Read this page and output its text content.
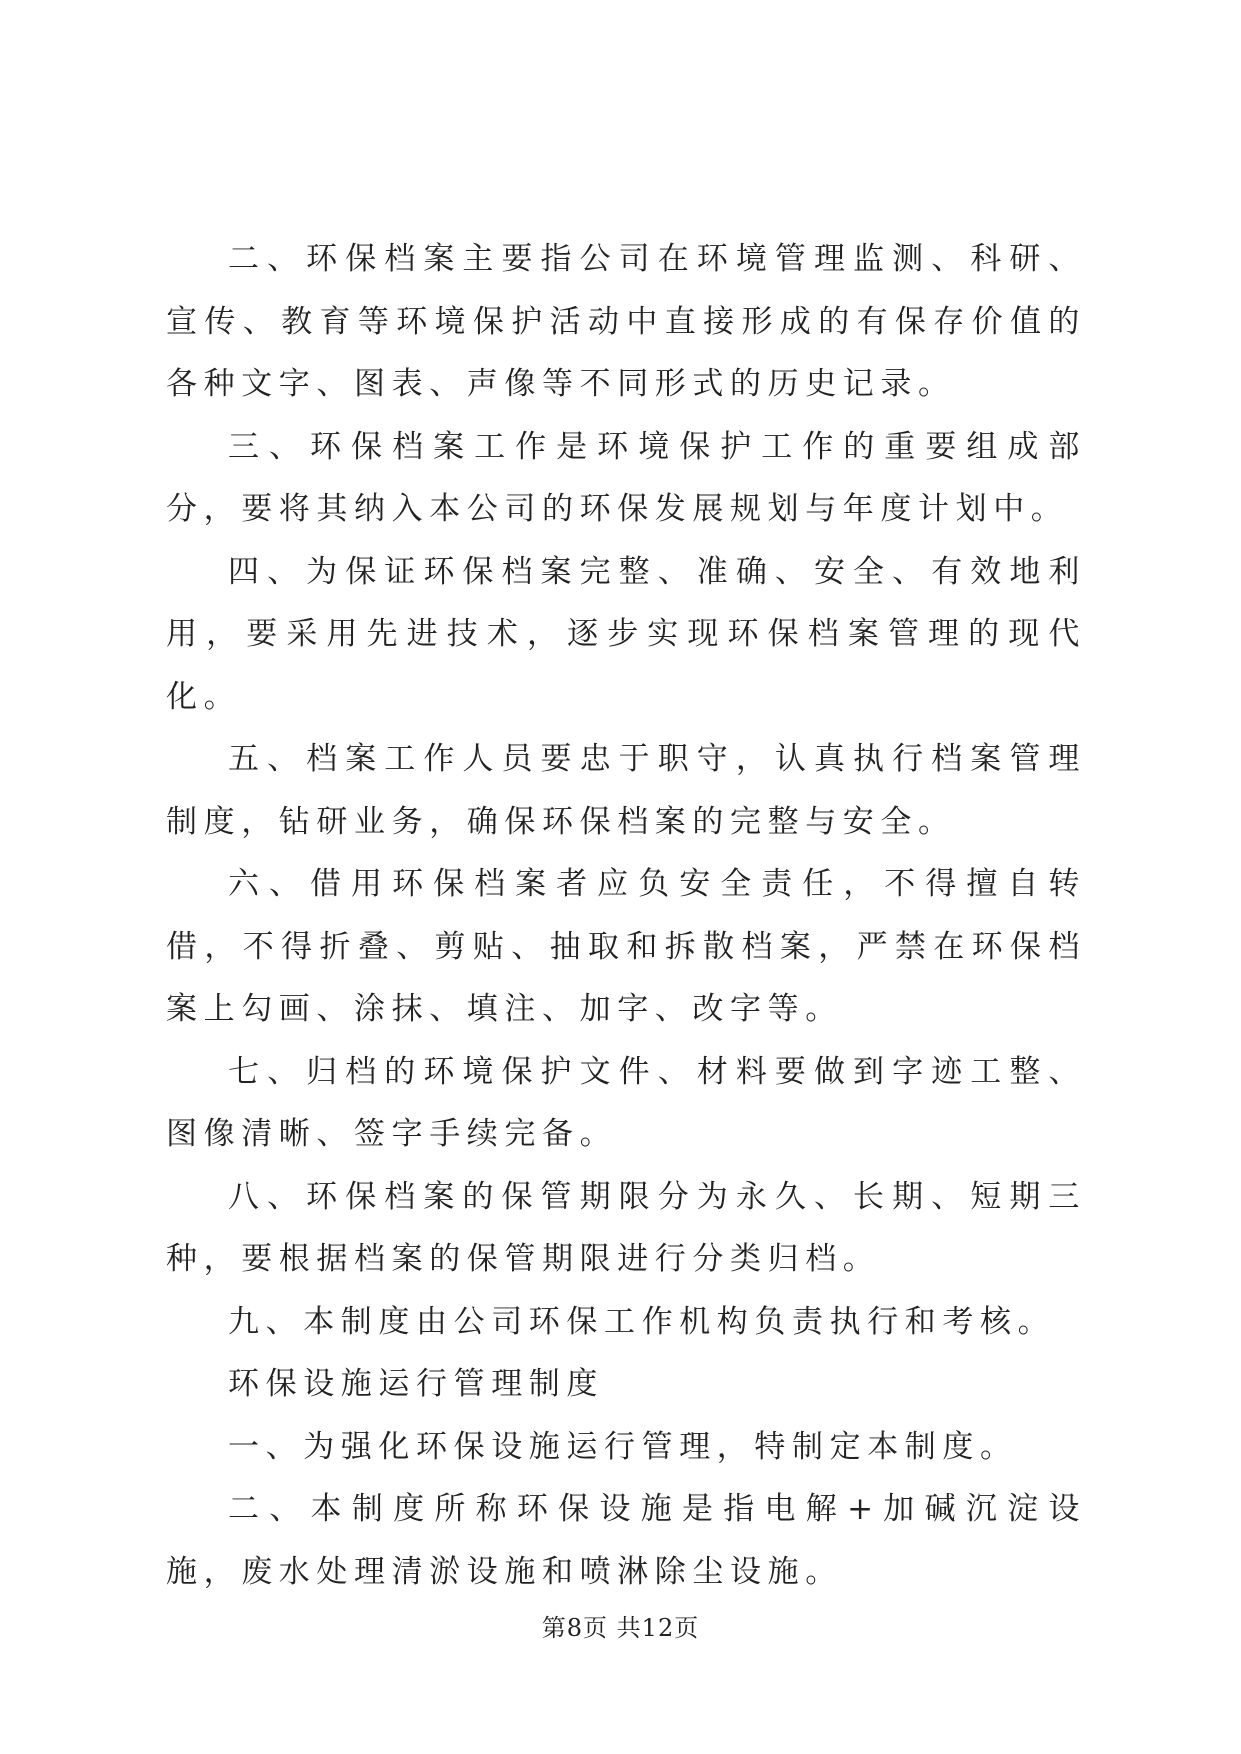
二、环保档案主要指公司在环境管理监测、科研、宣传、教育等环境保护活动中直接形成的有保存价值的各种文字、图表、声像等不同形式的历史记录。

三、环保档案工作是环境保护工作的重要组成部分，要将其纳入本公司的环保发展规划与年度计划中。

四、为保证环保档案完整、准确、安全、有效地利用，要采用先进技术，逐步实现环保档案管理的现代化。

五、档案工作人员要忠于职守，认真执行档案管理制度，钻研业务，确保环保档案的完整与安全。

六、借用环保档案者应负安全责任，不得擅自转借，不得折叠、剪贴、抽取和拆散档案，严禁在环保档案上勾画、涂抹、填注、加字、改字等。

七、归档的环境保护文件、材料要做到字迹工整、图像清晰、签字手续完备。

八、环保档案的保管期限分为永久、长期、短期三种，要根据档案的保管期限进行分类归档。

九、本制度由公司环保工作机构负责执行和考核。

环保设施运行管理制度

一、为强化环保设施运行管理，特制定本制度。

二、本制度所称环保设施是指电解+加碱沉淀设施，废水处理清淤设施和喷淋除尘设施。

第8页 共12页
